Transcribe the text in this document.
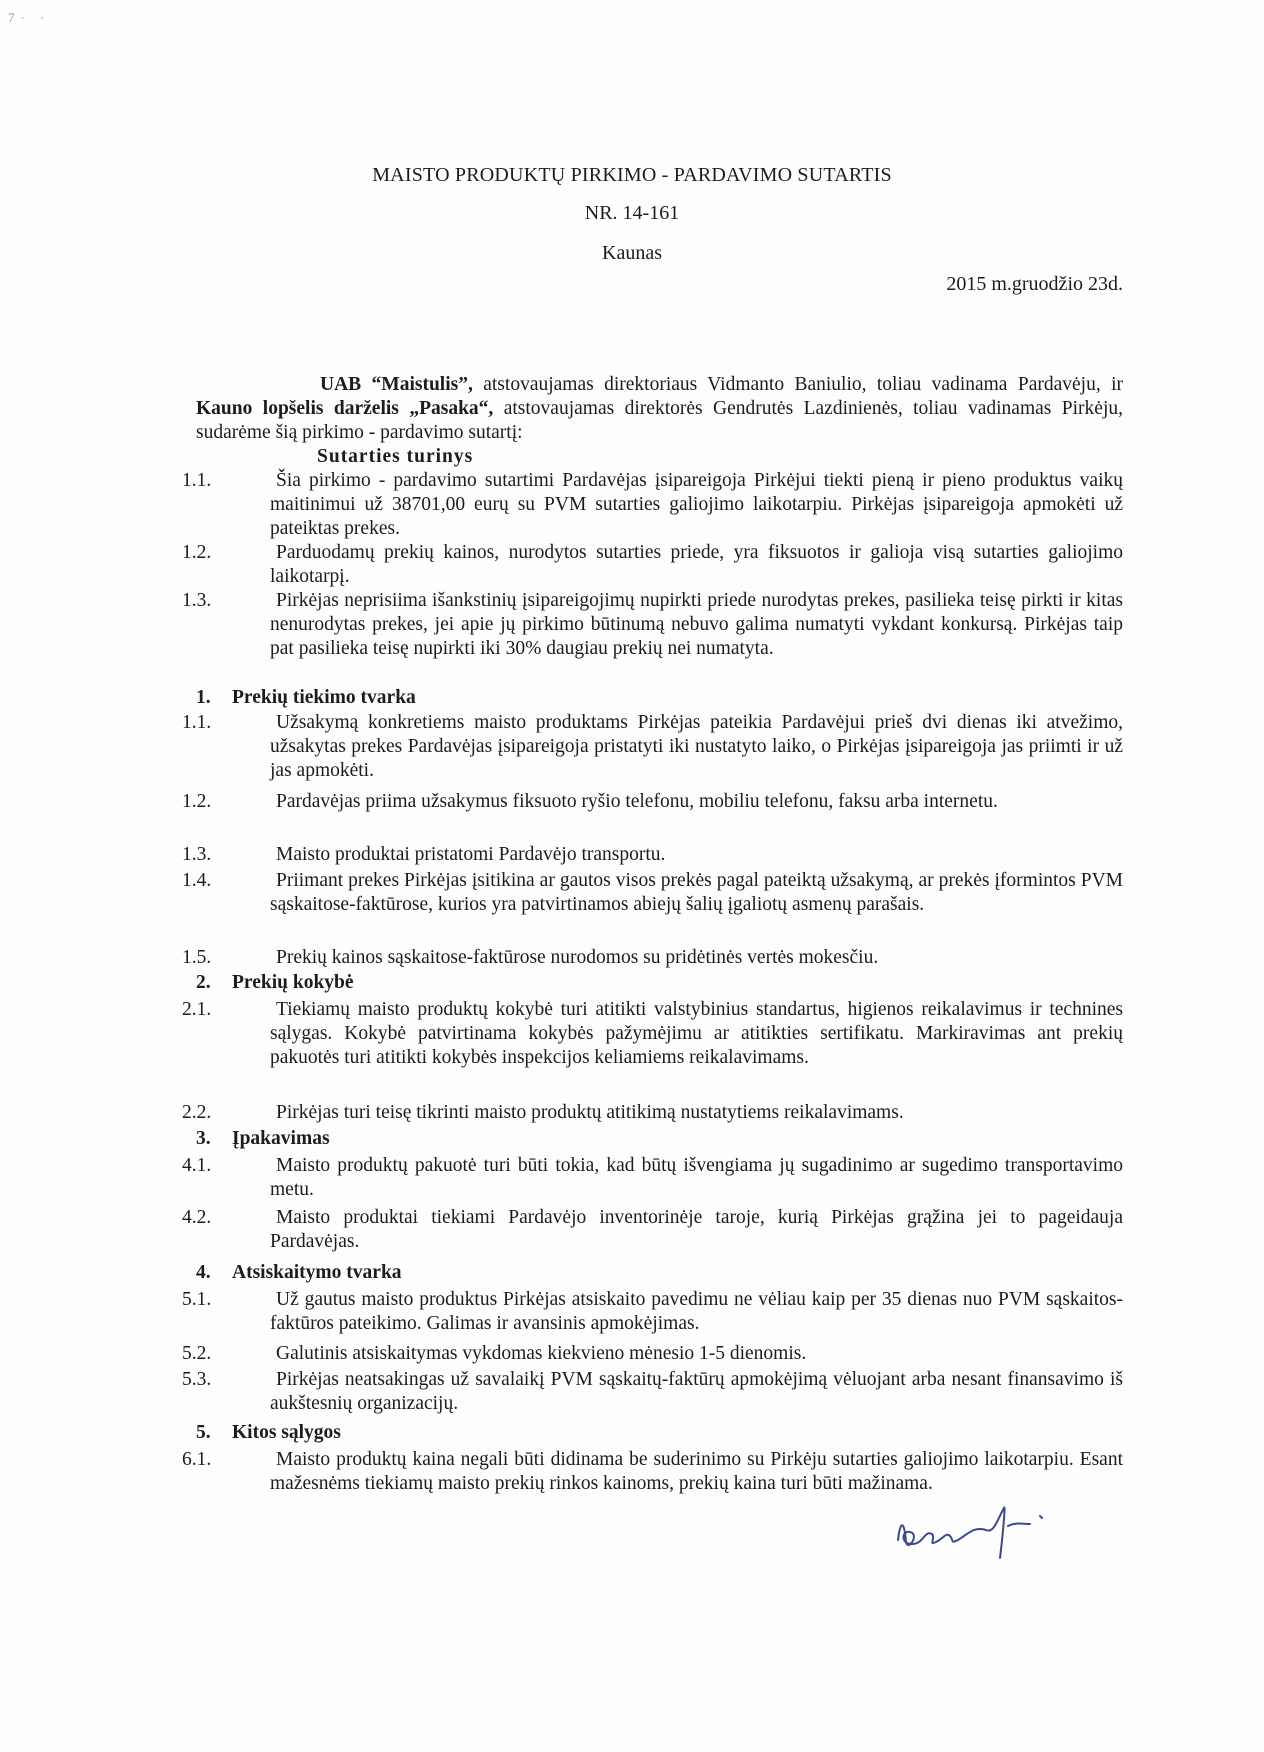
7· ·
MAISTO PRODUKTŲ PIRKIMO - PARDAVIMO SUTARTIS
NR. 14-161
Kaunas
2015 m.gruodžio 23d.
UAB “Maistulis”, atstovaujamas direktoriaus Vidmanto Baniulio, toliau vadinama Pardavėju, ir Kauno lopšelis darželis „Pasaka“, atstovaujamas direktorės Gendrutės Lazdinienės, toliau vadinamas Pirkėju, sudarėme šią pirkimo - pardavimo sutartį:
Sutarties turinys
1.1.	Šia pirkimo - pardavimo sutartimi Pardavėjas įsipareigoja Pirkėjui tiekti pieną ir pieno produktus vaikų maitinimui už 38701,00 eurų su PVM sutarties galiojimo laikotarpiu. Pirkėjas įsipareigoja apmokėti už pateiktas prekes.
1.2.	Parduodamų prekių kainos, nurodytos sutarties priede, yra fiksuotos ir galioja visą sutarties galiojimo laikotarpį.
1.3.	Pirkėjas neprisiima išankstinių įsipareigojimų nupirkti priede nurodytas prekes, pasilieka teisę pirkti ir kitas nenurodytas prekes, jei apie jų pirkimo būtinumą nebuvo galima numatyti vykdant konkursą. Pirkėjas taip pat pasilieka teisę nupirkti iki 30% daugiau prekių nei numatyta.
1. Prekių tiekimo tvarka
1.1.	Užsakymą konkretiems maisto produktams Pirkėjas pateikia Pardavėjui prieš dvi dienas iki atvežimo, užsakytas prekes Pardavėjas įsipareigoja pristatyti iki nustatyto laiko, o Pirkėjas įsipareigoja jas priimti ir už jas apmokėti.
1.2.	Pardavėjas priima užsakymus fiksuoto ryšio telefonu, mobiliu telefonu, faksu arba internetu.
1.3.	Maisto produktai pristatomi Pardavėjo transportu.
1.4.	Priimant prekes Pirkėjas įsitikina ar gautos visos prekės pagal pateiktą užsakymą, ar prekės įformintos PVM sąskaitose-faktūrose, kurios yra patvirtinamos abiejų šalių įgaliotų asmenų parašais.
1.5.	Prekių kainos sąskaitose-faktūrose nurodomos su pridėtinės vertės mokesčiu.
2. Prekių kokybė
2.1.	Tiekiamų maisto produktų kokybė turi atitikti valstybinius standartus, higienos reikalavimus ir technines sąlygas. Kokybė patvirtinama kokybės pažymėjimu ar atitikties sertifikatu. Markiravimas ant prekių pakuotės turi atitikti kokybės inspekcijos keliamiems reikalavimams.
2.2.	Pirkėjas turi teisę tikrinti maisto produktų atitikimą nustatytiems reikalavimams.
3. Įpakavimas
4.1.	Maisto produktų pakuotė turi būti tokia, kad būtų išvengiama jų sugadinimo ar sugedimo transportavimo metu.
4.2.	Maisto produktai tiekiami Pardavėjo inventorinėje taroje, kurią Pirkėjas grąžina jei to pageidauja Pardavėjas.
4. Atsiskaitymo tvarka
5.1.	Už gautus maisto produktus Pirkėjas atsiskaito pavedimu ne vėliau kaip per 35 dienas nuo PVM sąskaitos-faktūros pateikimo. Galimas ir avansinis apmokėjimas.
5.2.	Galutinis atsiskaitymas vykdomas kiekvieno mėnesio 1-5 dienomis.
5.3.	Pirkėjas neatsakingas už savalaikį PVM sąskaitų-faktūrų apmokėjimą vėluojant arba nesant finansavimo iš aukštesnių organizacijų.
5. Kitos sąlygos
6.1.	Maisto produktų kaina negali būti didinama be suderinimo su Pirkėju sutarties galiojimo laikotarpiu. Esant mažesnėms tiekiamų maisto prekių rinkos kainoms, prekių kaina turi būti mažinama.
